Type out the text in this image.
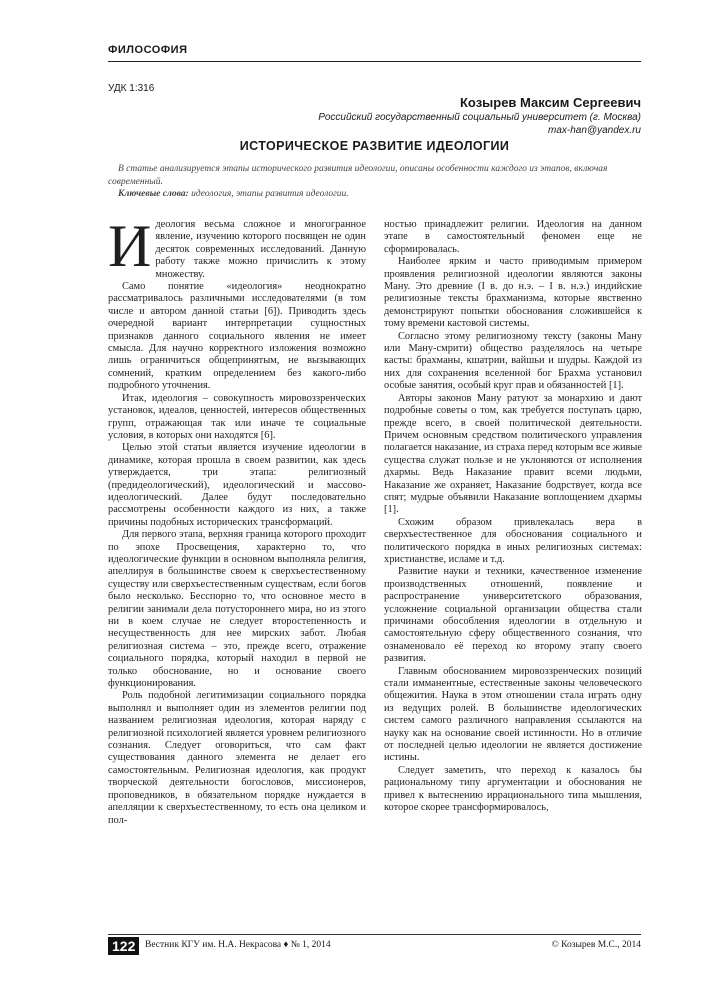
ФИЛОСОФИЯ
УДК 1:316
Козырев Максим Сергеевич
Российский государственный социальный университет (г. Москва)
max-han@yandex.ru
ИСТОРИЧЕСКОЕ РАЗВИТИЕ ИДЕОЛОГИИ

В статье анализируется этапы исторического развития идеологии, описаны особенности каждого из этапов, включая современный.

Ключевые слова: идеология, этапы развития идеологии.

Идеология весьма сложное и многогранное явление, изучению которого посвящен не один десяток современных исследований. Данную работу также можно причислить к этому множеству.

Само понятие «идеология» неоднократно рассматривалось различными исследователями (в том числе и автором данной статьи [6]). Приводить здесь очередной вариант интерпретации сущностных признаков данного социального явления не имеет смысла. Для научно корректного изложения возможно лишь ограничиться общепринятым, не вызывающих сомнений, кратким определением без какого-либо подробного уточнения.

Итак, идеология – совокупность мировоззренческих установок, идеалов, ценностей, интересов общественных групп, отражающая так или иначе те социальные условия, в которых они находятся [6].

Целью этой статьи является изучение идеологии в динамике, которая прошла в своем развитии, как здесь утверждается, три этапа: религиозный (предидеологический), идеологический и массово-идеологический. Далее будут последовательно рассмотрены особенности каждого из них, а также причины подобных исторических трансформаций.

Для первого этапа, верхняя граница которого проходит по эпохе Просвещения, характерно то, что идеологические функции в основном выполняла религия, апеллируя в большинстве своем к сверхъестественному существу или сверхъестественным существам, если богов было несколько. Бесспорно то, что основное место в религии занимали дела потустороннего мира, но из этого ни в коем случае не следует второстепенность и несущественность для нее мирских забот. Любая религиозная система – это, прежде всего, отражение социального порядка, который находил в первой не только обоснование, но и основание своего функционирования.

Роль подобной легитимизации социального порядка выполнял и выполняет один из элементов религии под названием религиозная идеология, которая наряду с религиозной психологией является уровнем религиозного сознания. Следует оговориться, что сам факт существования данного элемента не делает его самостоятельным. Религиозная идеология, как продукт творческой деятельности богословов, миссионеров, проповедников, в обязательном порядке нуждается в апелляции к сверхъестественному, то есть она целиком и пол-

ностью принадлежит религии. Идеология на данном этапе в самостоятельный феномен еще не сформировалась.

Наиболее ярким и часто приводимым примером проявления религиозной идеологии являются законы Ману. Это древние (I в. до н.э. – I в. н.э.) индийские религиозные тексты брахманизма, которые явственно демонстрируют попытки обоснования сложившейся к тому времени кастовой системы.

Согласно этому религиозному тексту (законы Ману или Ману-смрити) общество разделялось на четыре касты: брахманы, кшатрии, вайшьи и шудры. Каждой из них для сохранения вселенной бог Брахма установил особые занятия, особый круг прав и обязанностей [1].

Авторы законов Ману ратуют за монархию и дают подробные советы о том, как требуется поступать царю, прежде всего, в своей политической деятельности. Причем основным средством политического управления полагается наказание, из страха перед которым все живые существа служат пользе и не уклоняются от исполнения дхармы. Ведь Наказание правит всеми людьми, Наказание же охраняет, Наказание бодрствует, когда все спят; мудрые объявили Наказание воплощением дхармы [1].

Схожим образом привлекалась вера в сверхъестественное для обоснования социального и политического порядка в иных религиозных системах: христианстве, исламе и т.д.

Развитие науки и техники, качественное изменение производственных отношений, появление и распространение университетского образования, усложнение социальной организации общества стали причинами обособления идеологии в отдельную и самостоятельную сферу общественного сознания, что ознаменовало её переход ко второму этапу своего развития.

Главным обоснованием мировоззренческих позиций стали имманентные, естественные законы человеческого общежития. Наука в этом отношении стала играть одну из ведущих ролей. В большинстве идеологических систем самого различного направления ссылаются на науку как на основание своей истинности. Но в отличие от последней целью идеологии не является достижение истины.

Следует заметить, что переход к казалось бы рациональному типу аргументации и обоснования не привел к вытеснению иррационального типа мышления, которое скорее трансформировалось,

122	Вестник КГУ им. Н.А. Некрасова ♦ № 1, 2014	© Козырев М.С., 2014
